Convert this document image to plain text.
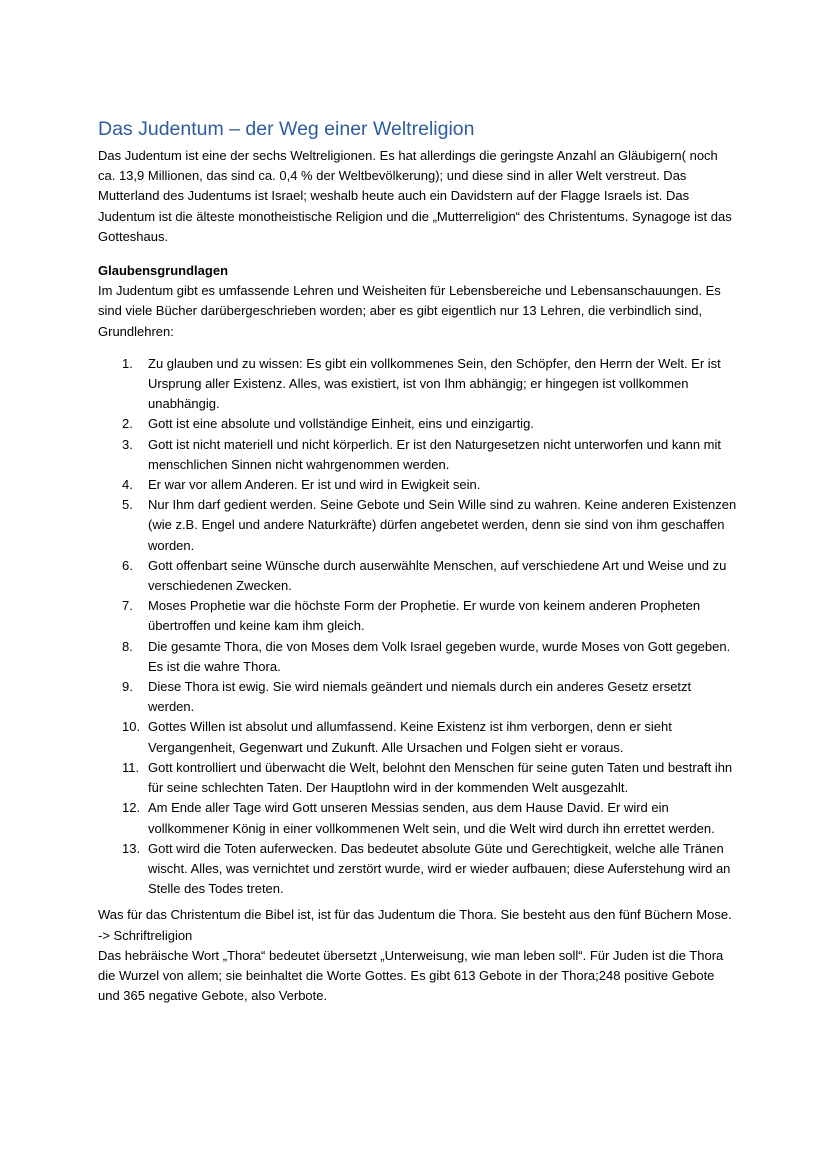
Das Judentum – der Weg einer Weltreligion

Das Judentum ist eine der sechs Weltreligionen. Es hat allerdings die geringste Anzahl an Gläubigern( noch ca. 13,9 Millionen, das sind ca. 0,4 % der Weltbevölkerung); und diese sind in aller Welt verstreut. Das Mutterland des Judentums ist Israel; weshalb heute auch ein Davidstern auf der Flagge Israels ist. Das Judentum ist die älteste monotheistische Religion und die „Mutterreligion“ des Christentums. Synagoge ist das Gotteshaus.

Glaubensgrundlagen

Im Judentum gibt es umfassende Lehren und Weisheiten für Lebensbereiche und Lebensanschauungen. Es sind viele Bücher darübergeschrieben worden; aber es gibt eigentlich nur 13 Lehren, die verbindlich sind, Grundlehren:

1. Zu glauben und zu wissen: Es gibt ein vollkommenes Sein, den Schöpfer, den Herrn der Welt. Er ist Ursprung aller Existenz. Alles, was existiert, ist von Ihm abhängig; er hingegen ist vollkommen unabhängig.
2. Gott ist eine absolute und vollständige Einheit, eins und einzigartig.
3. Gott ist nicht materiell und nicht körperlich. Er ist den Naturgesetzen nicht unterworfen und kann mit menschlichen Sinnen nicht wahrgenommen werden.
4. Er war vor allem Anderen. Er ist und wird in Ewigkeit sein.
5. Nur Ihm darf gedient werden. Seine Gebote und Sein Wille sind zu wahren. Keine anderen Existenzen (wie z.B. Engel und andere Naturkräfte) dürfen angebetet werden, denn sie sind von ihm geschaffen worden.
6. Gott offenbart seine Wünsche durch auserwählte Menschen, auf verschiedene Art und Weise und zu verschiedenen Zwecken.
7. Moses Prophetie war die höchste Form der Prophetie. Er wurde von keinem anderen Propheten übertroffen und keine kam ihm gleich.
8. Die gesamte Thora, die von Moses dem Volk Israel gegeben wurde, wurde Moses von Gott gegeben. Es ist die wahre Thora.
9. Diese Thora ist ewig. Sie wird niemals geändert und niemals durch ein anderes Gesetz ersetzt werden.
10. Gottes Willen ist absolut und allumfassend. Keine Existenz ist ihm verborgen, denn er sieht Vergangenheit, Gegenwart und Zukunft. Alle Ursachen und Folgen sieht er voraus.
11. Gott kontrolliert und überwacht die Welt, belohnt den Menschen für seine guten Taten und bestraft ihn für seine schlechten Taten. Der Hauptlohn wird in der kommenden Welt ausgezahlt.
12. Am Ende aller Tage wird Gott unseren Messias senden, aus dem Hause David. Er wird ein vollkommener König in einer vollkommenen Welt sein, und die Welt wird durch ihn errettet werden.
13. Gott wird die Toten auferwecken. Das bedeutet absolute Güte und Gerechtigkeit, welche alle Tränen wischt. Alles, was vernichtet und zerstört wurde, wird er wieder aufbauen; diese Auferstehung wird an Stelle des Todes treten.

Was für das Christentum die Bibel ist, ist für das Judentum die Thora. Sie besteht aus den fünf Büchern Mose. -> Schriftreligion

Das hebräische Wort „Thora“ bedeutet übersetzt „Unterweisung, wie man leben soll“. Für Juden ist die Thora die Wurzel von allem; sie beinhaltet die Worte Gottes. Es gibt 613 Gebote in der Thora;248 positive Gebote und 365 negative Gebote, also Verbote.
